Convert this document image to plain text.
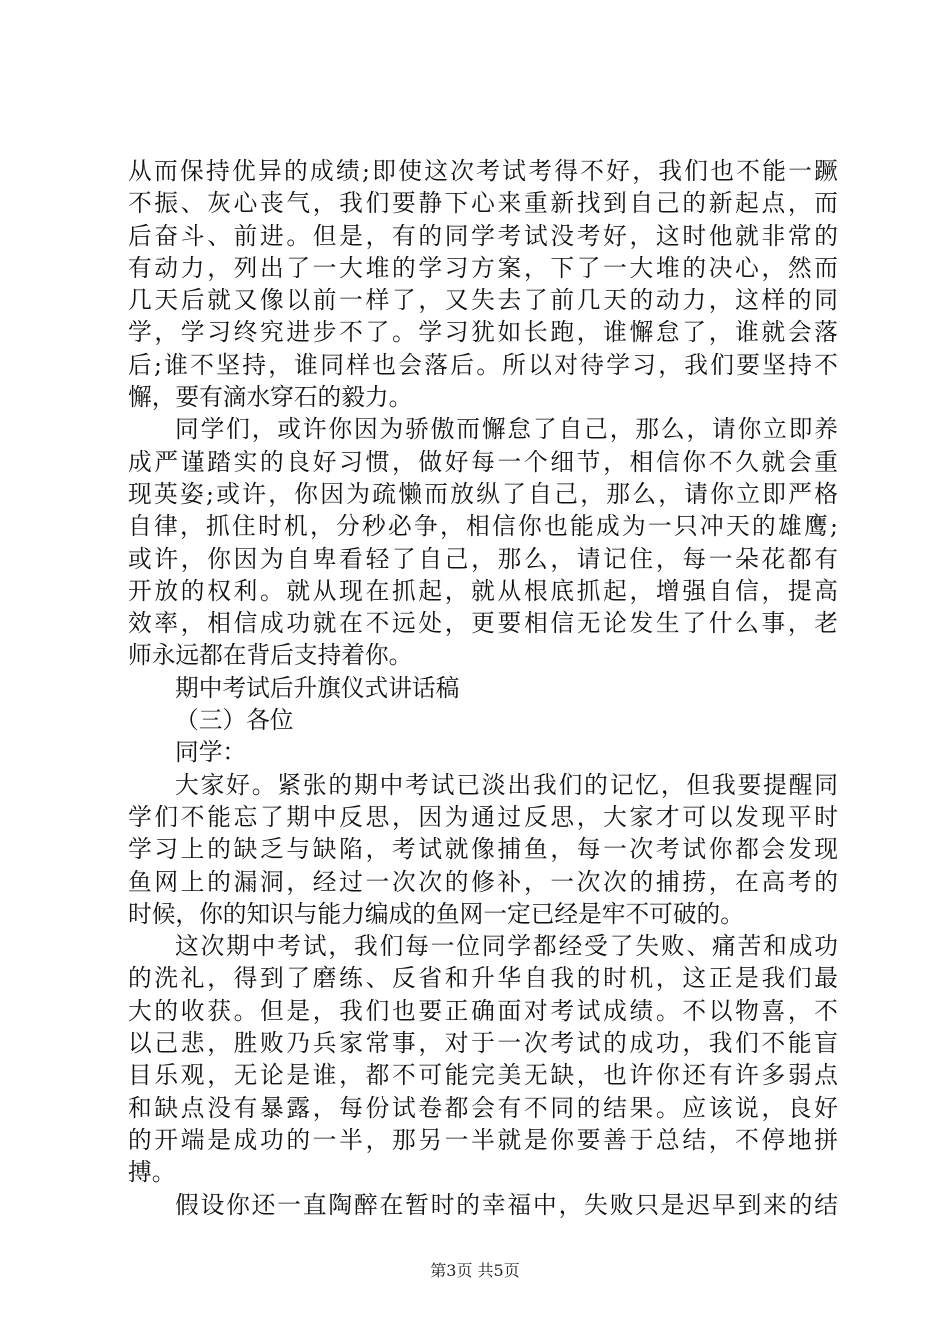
从而保持优异的成绩;即使这次考试考得不好，我们也不能一蹶
不振、灰心丧气，我们要静下心来重新找到自己的新起点，而
后奋斗、前进。但是，有的同学考试没考好，这时他就非常的
有动力，列出了一大堆的学习方案，下了一大堆的决心，然而
几天后就又像以前一样了，又失去了前几天的动力，这样的同
学，学习终究进步不了。学习犹如长跑，谁懈怠了，谁就会落
后;谁不坚持，谁同样也会落后。所以对待学习，我们要坚持不
懈，要有滴水穿石的毅力。
同学们，或许你因为骄傲而懈怠了自己，那么，请你立即养
成严谨踏实的良好习惯，做好每一个细节，相信你不久就会重
现英姿;或许，你因为疏懒而放纵了自己，那么，请你立即严格
自律，抓住时机，分秒必争，相信你也能成为一只冲天的雄鹰;
或许，你因为自卑看轻了自己，那么，请记住，每一朵花都有
开放的权利。就从现在抓起，就从根底抓起，增强自信，提高
效率，相信成功就在不远处，更要相信无论发生了什么事，老
师永远都在背后支持着你。
期中考试后升旗仪式讲话稿
（三）各位
同学：
大家好。紧张的期中考试已淡出我们的记忆，但我要提醒同
学们不能忘了期中反思，因为通过反思，大家才可以发现平时
学习上的缺乏与缺陷，考试就像捕鱼，每一次考试你都会发现
鱼网上的漏洞，经过一次次的修补，一次次的捕捞，在高考的
时候，你的知识与能力编成的鱼网一定已经是牢不可破的。
这次期中考试，我们每一位同学都经受了失败、痛苦和成功
的洗礼，得到了磨练、反省和升华自我的时机，这正是我们最
大的收获。但是，我们也要正确面对考试成绩。不以物喜，不
以己悲，胜败乃兵家常事，对于一次考试的成功，我们不能盲
目乐观，无论是谁，都不可能完美无缺，也许你还有许多弱点
和缺点没有暴露，每份试卷都会有不同的结果。应该说，良好
的开端是成功的一半，那另一半就是你要善于总结，不停地拼
搏。
假设你还一直陶醉在暂时的幸福中，失败只是迟早到来的结
第3页 共5页
